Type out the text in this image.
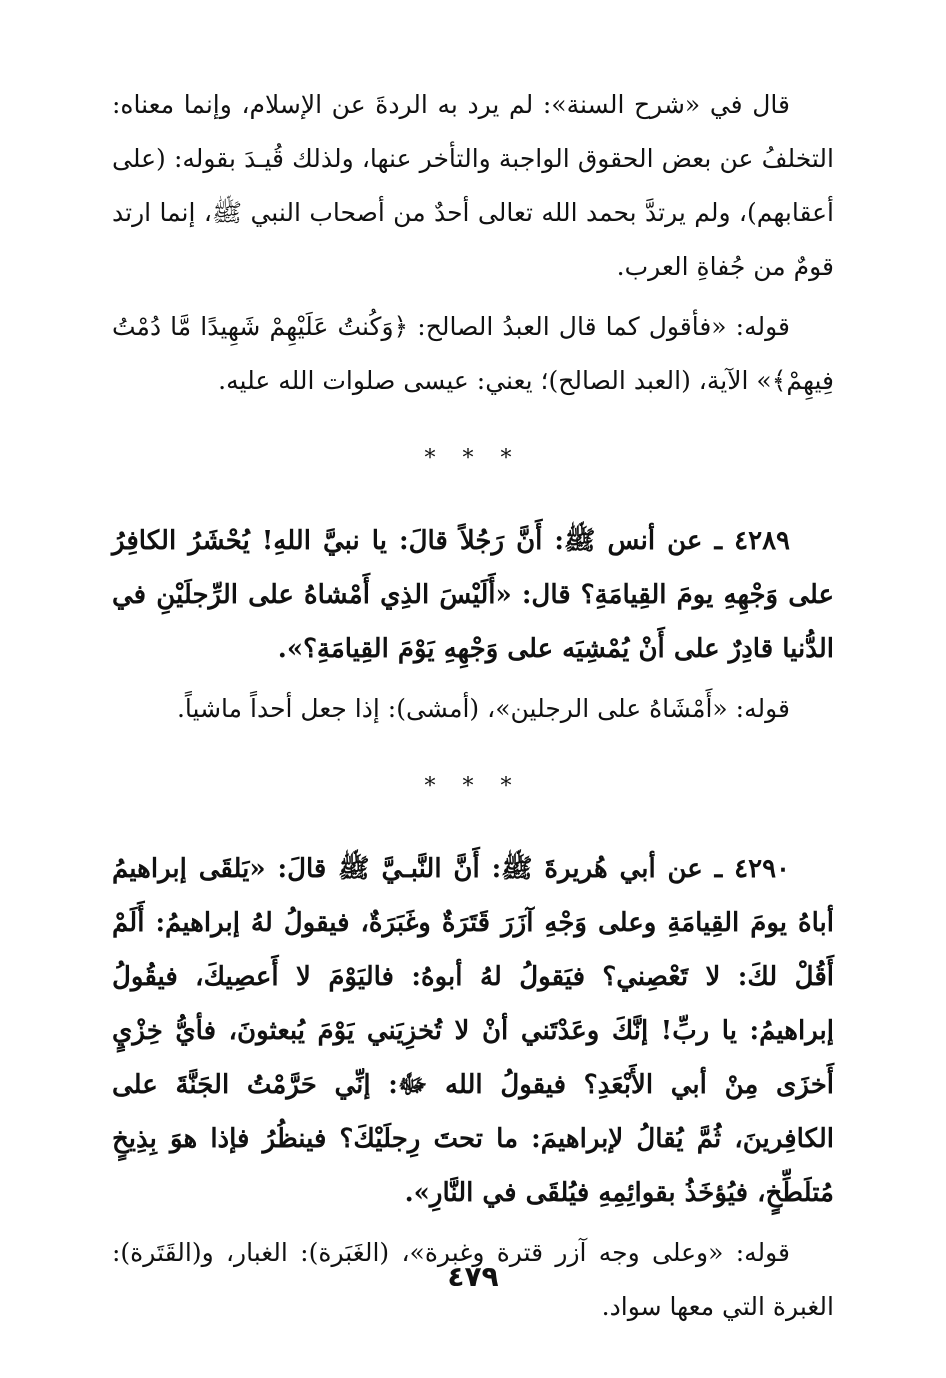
قال في «شرح السنة»: لم يرد به الردةَ عن الإسلام، وإنما معناه: التخلفُ عن بعض الحقوق الواجبة والتأخر عنها، ولذلك قُيـدَ بقوله: (على أعقابهم)، ولم يرتدَّ بحمد الله تعالى أحدٌ من أصحاب النبي ﷺ، إنما ارتد قومٌ من جُفاةِ العرب.

قوله: «فأقول كما قال العبدُ الصالح: ﴿وَكُنتُ عَلَيْهِمْ شَهِيدًا مَّا دُمْتُ فِيهِمْ﴾» الآية، (العبد الصالح)؛ يعني: عيسى صلوات الله عليه.

* * *

٤٢٨٩ ـ عن أنس ﷺ: أَنَّ رَجُلاً قالَ: يا نبيَّ اللهِ! يُحْشَرُ الكافِرُ على وَجْهِهِ يومَ القِيامَةِ؟ قال: «أَلَيْسَ الذِي أَمْشاهُ على الرِّجلَيْنِ في الدُّنيا قادِرٌ على أَنْ يُمْشِيَه على وَجْهِهِ يَوْمَ القِيامَةِ؟».

قوله: «أَمْشَاهُ على الرجلين»، (أمشى): إذا جعل أحداً ماشياً.

* * *

٤٢٩٠ ـ عن أبي هُريرةَ ﷺ: أَنَّ النَّبـيَّ ﷺ قالَ: «يَلقَى إبراهيمُ أباهُ يومَ القِيامَةِ وعلى وَجْهِ آزَرَ قَتَرَةٌ وغَبَرَةٌ، فيقولُ لهُ إبراهيمُ: أَلَمْ أَقُلْ لكَ: لا تَعْصِني؟ فيَقولُ لهُ أبوهُ: فاليَوْمَ لا أَعصِيكَ، فيقُولُ إبراهيمُ: يا ربِّ! إنَّكَ وعَدْتَني أنْ لا تُخزِيَني يَوْمَ يُبعثونَ، فأيُّ خِزْيٍ أَخزَى مِنْ أبي الأَبْعَدِ؟ فيقولُ الله ﷻ: إنِّي حَرَّمْتُ الجَنَّةَ على الكافِرينَ، ثُمَّ يُقالُ لإبراهيمَ: ما تحتَ رِجلَيْكَ؟ فينظُرُ فإذا هوَ بِذِيخٍ مُتلَطِّخٍ، فيُؤخَذُ بقوائِمِهِ فيُلقَى في النَّارِ».

قوله: «وعلى وجه آزر قترة وغبرة»، (الغَبَرة): الغبار، و(القَتَرة): الغبرة التي معها سواد.

٤٧٩
